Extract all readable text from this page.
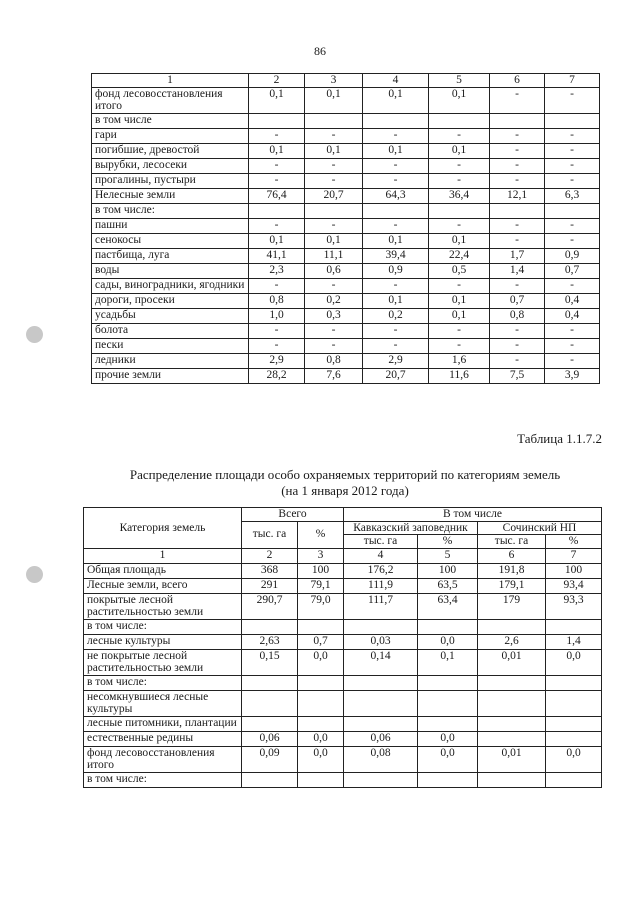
86
1	2	3	4	5	6	7
фонд лесовосстановления итого	0,1	0,1	0,1	0,1	-	-
в том числе						
гари	-	-	-	-	-	-
погибшие, древостой	0,1	0,1	0,1	0,1	-	-
вырубки, лесосеки	-	-	-	-	-	-
прогалины, пустыри	-	-	-	-	-	-
Нелесные земли	76,4	20,7	64,3	36,4	12,1	6,3
в том числе:						
пашни	-	-	-	-	-	-
сенокосы	0,1	0,1	0,1	0,1	-	-
пастбища, луга	41,1	11,1	39,4	22,4	1,7	0,9
воды	2,3	0,6	0,9	0,5	1,4	0,7
сады, виноградники, ягодники	-	-	-	-	-	-
дороги, просеки	0,8	0,2	0,1	0,1	0,7	0,4
усадьбы	1,0	0,3	0,2	0,1	0,8	0,4
болота	-	-	-	-	-	-
пески	-	-	-	-	-	-
ледники	2,9	0,8	2,9	1,6	-	-
прочие земли	28,2	7,6	20,7	11,6	7,5	3,9
Таблица 1.1.7.2
Распределение площади особо охраняемых территорий по категориям земель
(на 1 января 2012 года)
Категория земель	Всего		В том числе			
	тыс. га	%	Кавказский заповедник		Сочинский НП	
			тыс. га	%	тыс. га	%
1	2	3	4	5	6	7
Общая площадь	368	100	176,2	100	191,8	100
Лесные земли, всего	291	79,1	111,9	63,5	179,1	93,4
покрытые лесной растительностью земли	290,7	79,0	111,7	63,4	179	93,3
в том числе:						
лесные культуры	2,63	0,7	0,03	0,0	2,6	1,4
не покрытые лесной растительностью земли	0,15	0,0	0,14	0,1	0,01	0,0
в том числе:						
несомкнувшиеся лесные культуры						
лесные питомники, плантации						
естественные редины	0,06	0,0	0,06	0,0		
фонд лесовосстановления итого	0,09	0,0	0,08	0,0	0,01	0,0
в том числе:						
